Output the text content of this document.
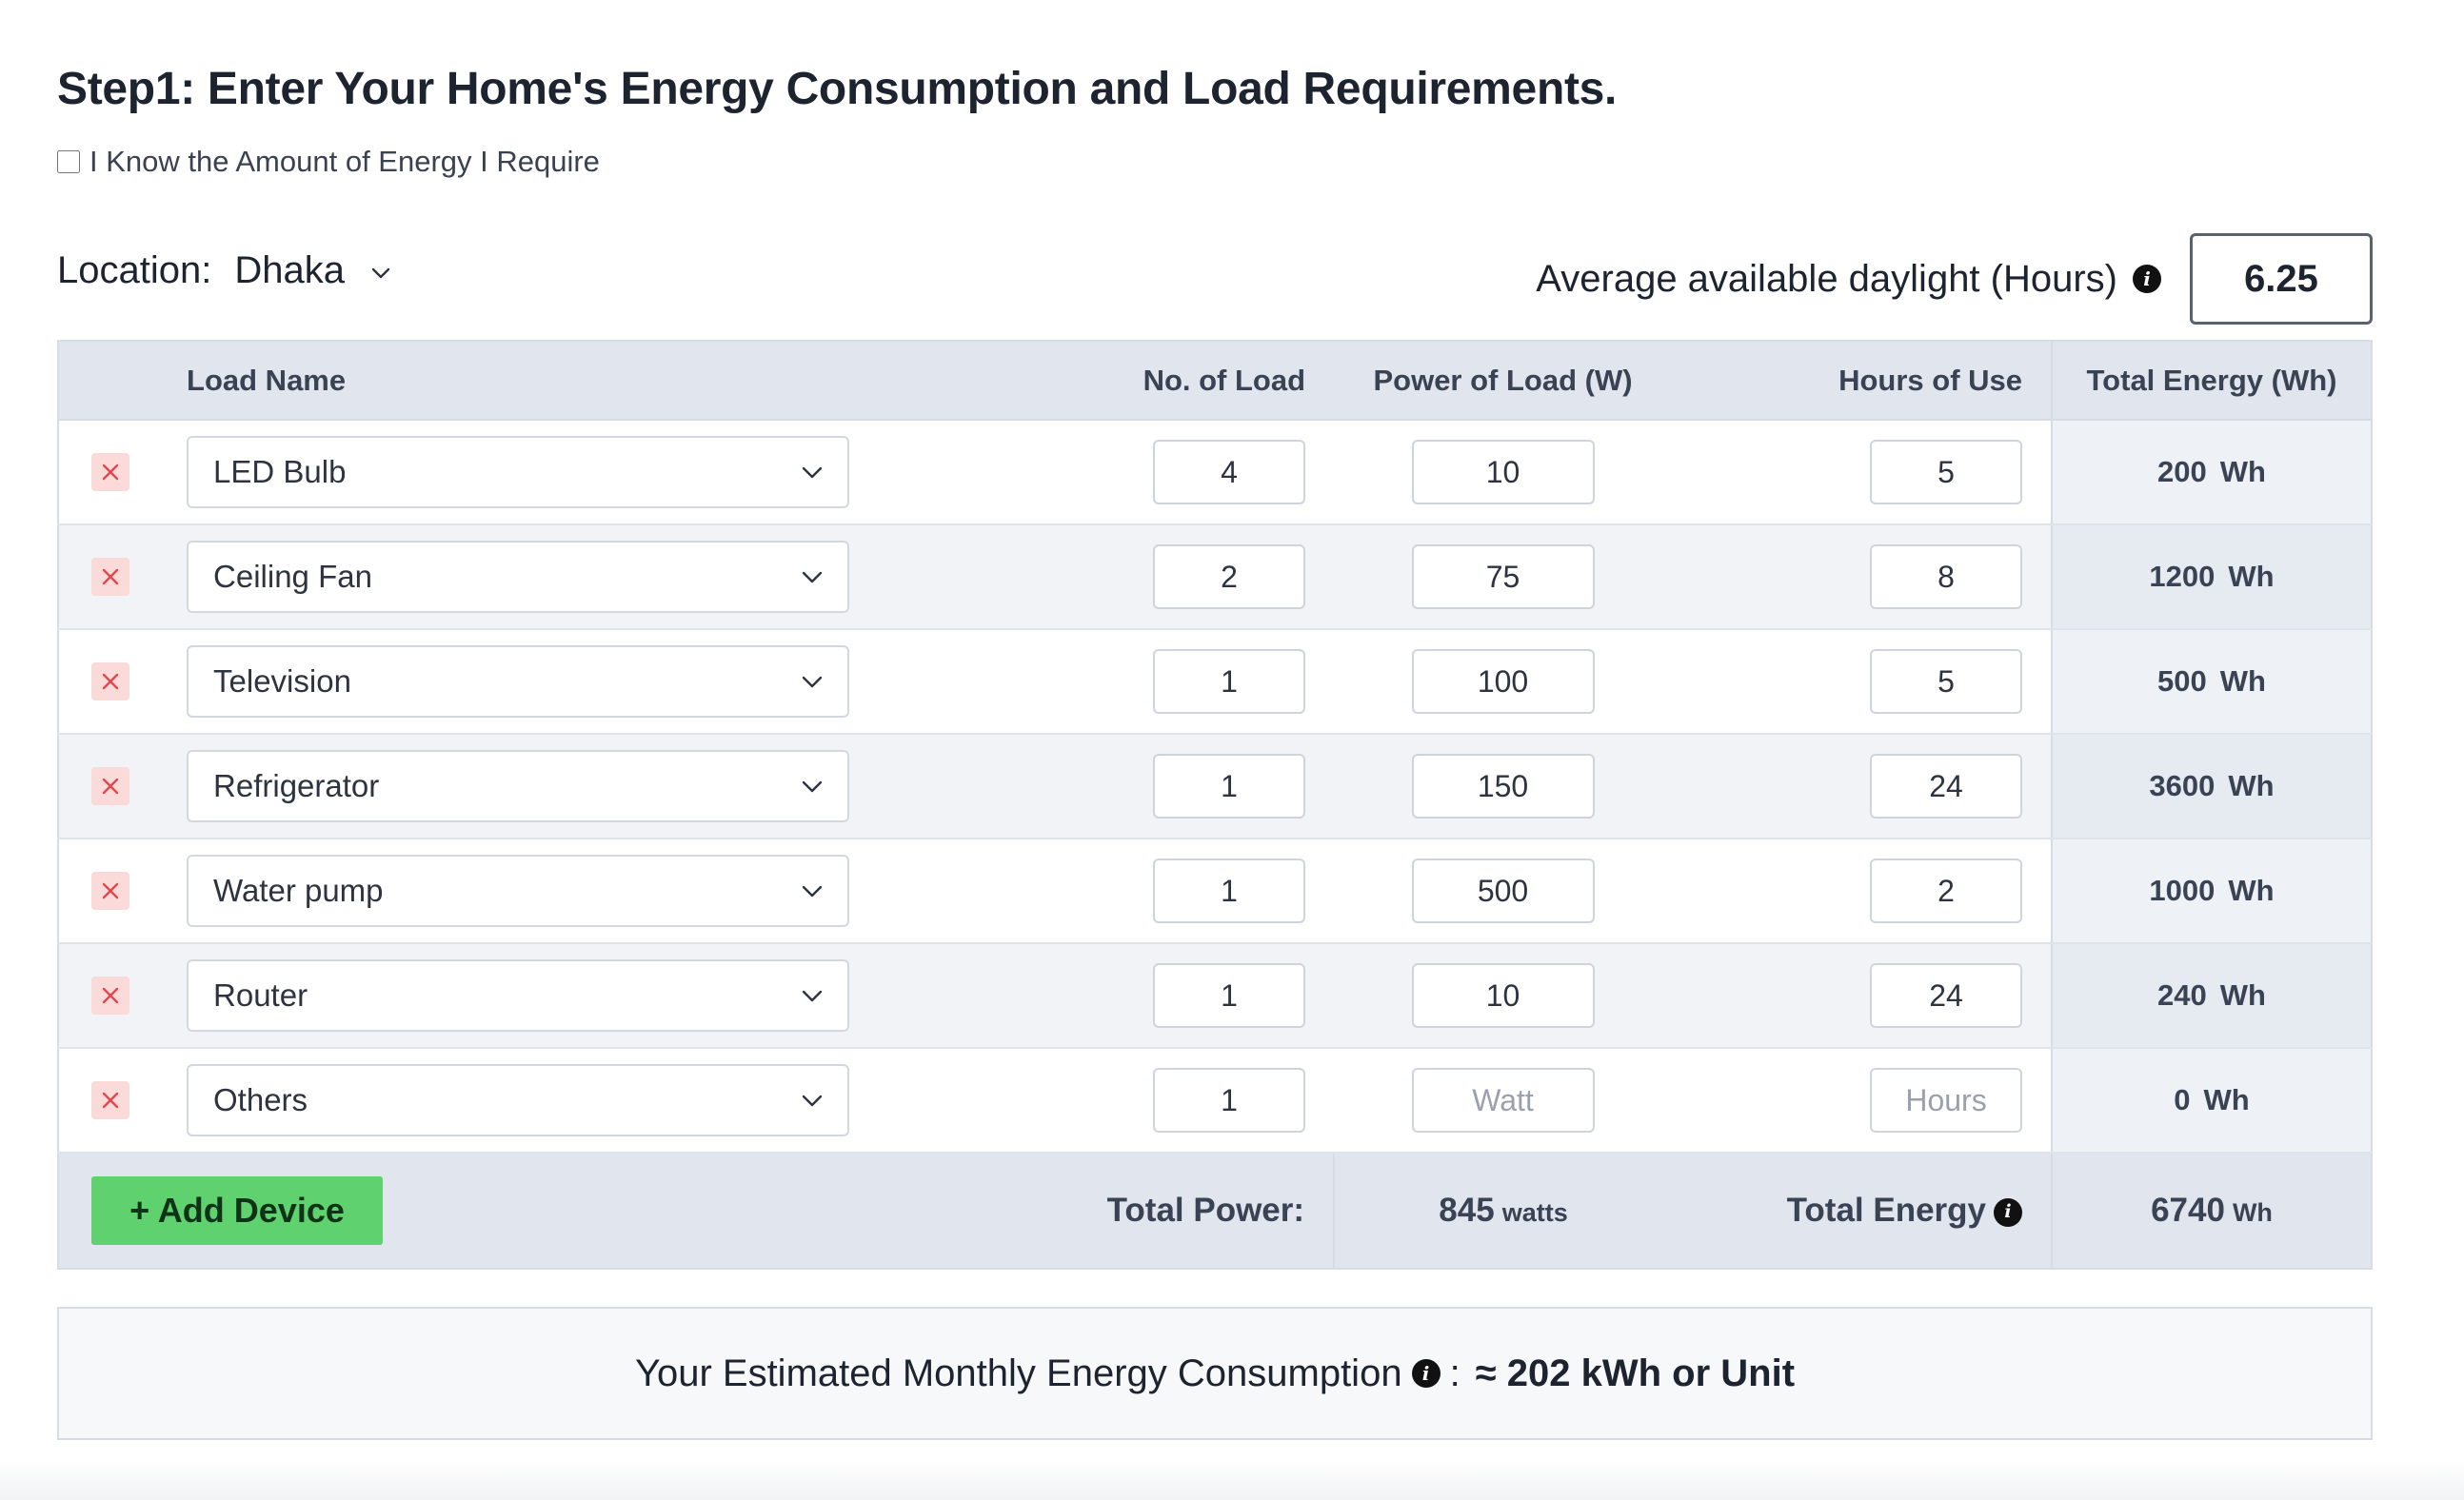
Step1: Enter Your Home's Energy Consumption and Load Requirements.
I Know the Amount of Energy I Require
Location: Dhaka	Average available daylight (Hours)	i
6.25
	Load Name	No. of Load	Power of Load (W)	Hours of Use	Total Energy (Wh)

LED Bulb
	4	10	5	200 Wh

Ceiling Fan
	2	75	8	1200 Wh

Television
	1	100	5	500 Wh

Refrigerator
	1	150	24	3600 Wh

Water pump
	1	500	2	1000 Wh

Router
	1	10	24	240 Wh

Others
	1	Watt	Hours	0 Wh
+ Add Device		Total Power:	845 watts	Total Energy i	6740 Wh
Your Estimated Monthly Energy Consumption	i : ≈ 202 kWh or Unit
